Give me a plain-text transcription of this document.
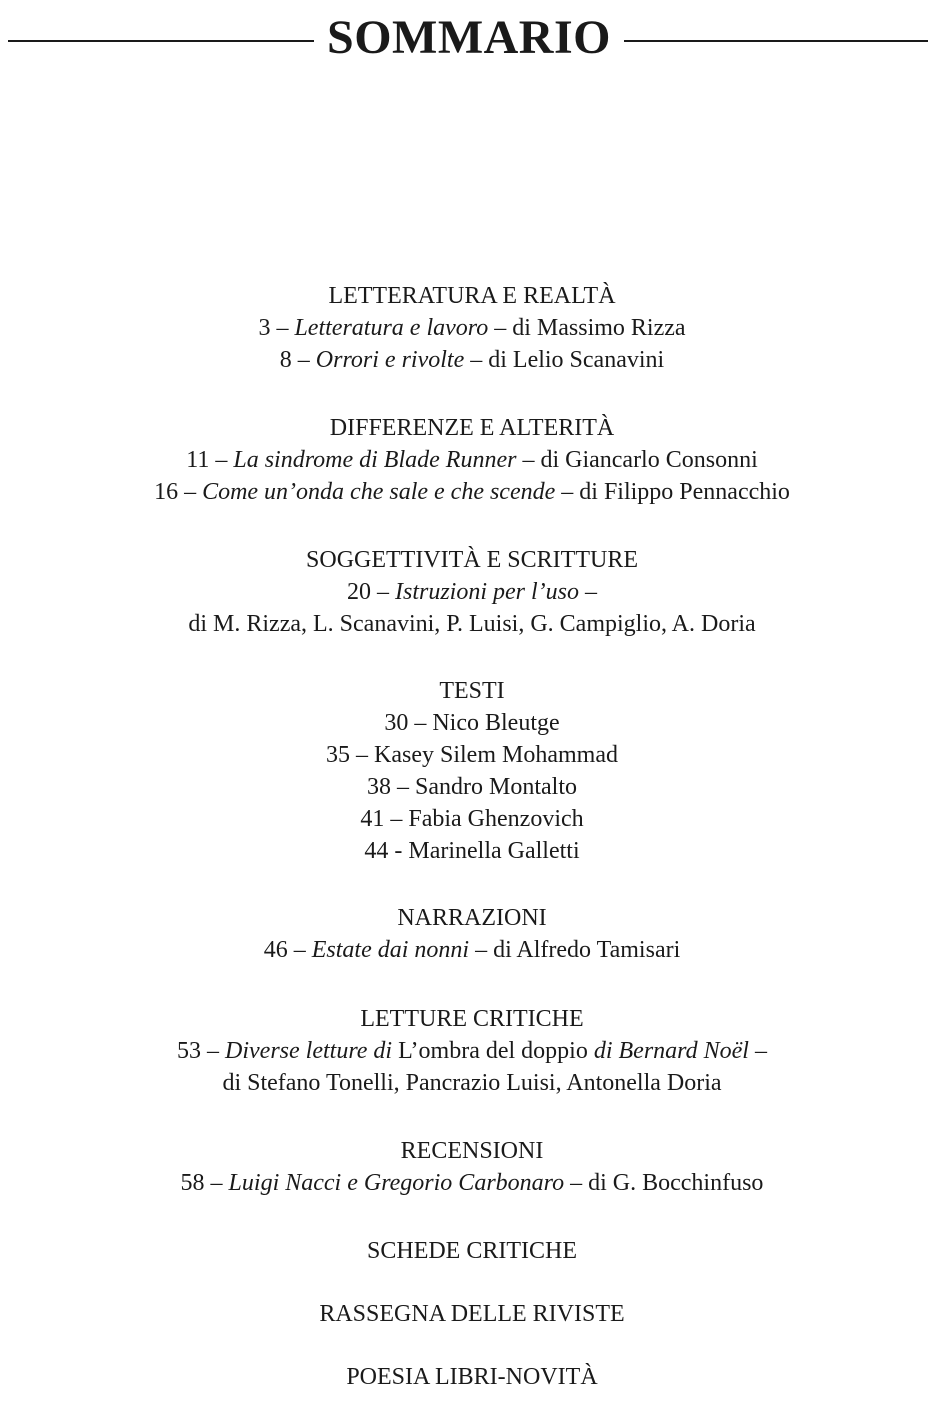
SOMMARIO
LETTERATURA E REALTÀ
3 – Letteratura e lavoro – di Massimo Rizza
8 – Orrori e rivolte – di Lelio Scanavini
DIFFERENZE E ALTERITÀ
11 – La sindrome di Blade Runner – di Giancarlo Consonni
16 – Come un’onda che sale e che scende – di Filippo Pennacchio
SOGGETTIVITÀ E SCRITTURE
20 – Istruzioni per l’uso –
di M. Rizza, L. Scanavini, P. Luisi, G. Campiglio, A. Doria
TESTI
30 – Nico Bleutge
35 – Kasey Silem Mohammad
38 – Sandro Montalto
41 – Fabia Ghenzovich
44 - Marinella Galletti
NARRAZIONI
46 – Estate dai nonni – di Alfredo Tamisari
LETTURE CRITICHE
53 – Diverse letture di L’ombra del doppio di Bernard Noël –
di Stefano Tonelli, Pancrazio Luisi, Antonella Doria
RECENSIONI
58 – Luigi Nacci e Gregorio Carbonaro – di G. Bocchinfuso
SCHEDE CRITICHE
RASSEGNA DELLE RIVISTE
POESIA LIBRI-NOVITÀ
